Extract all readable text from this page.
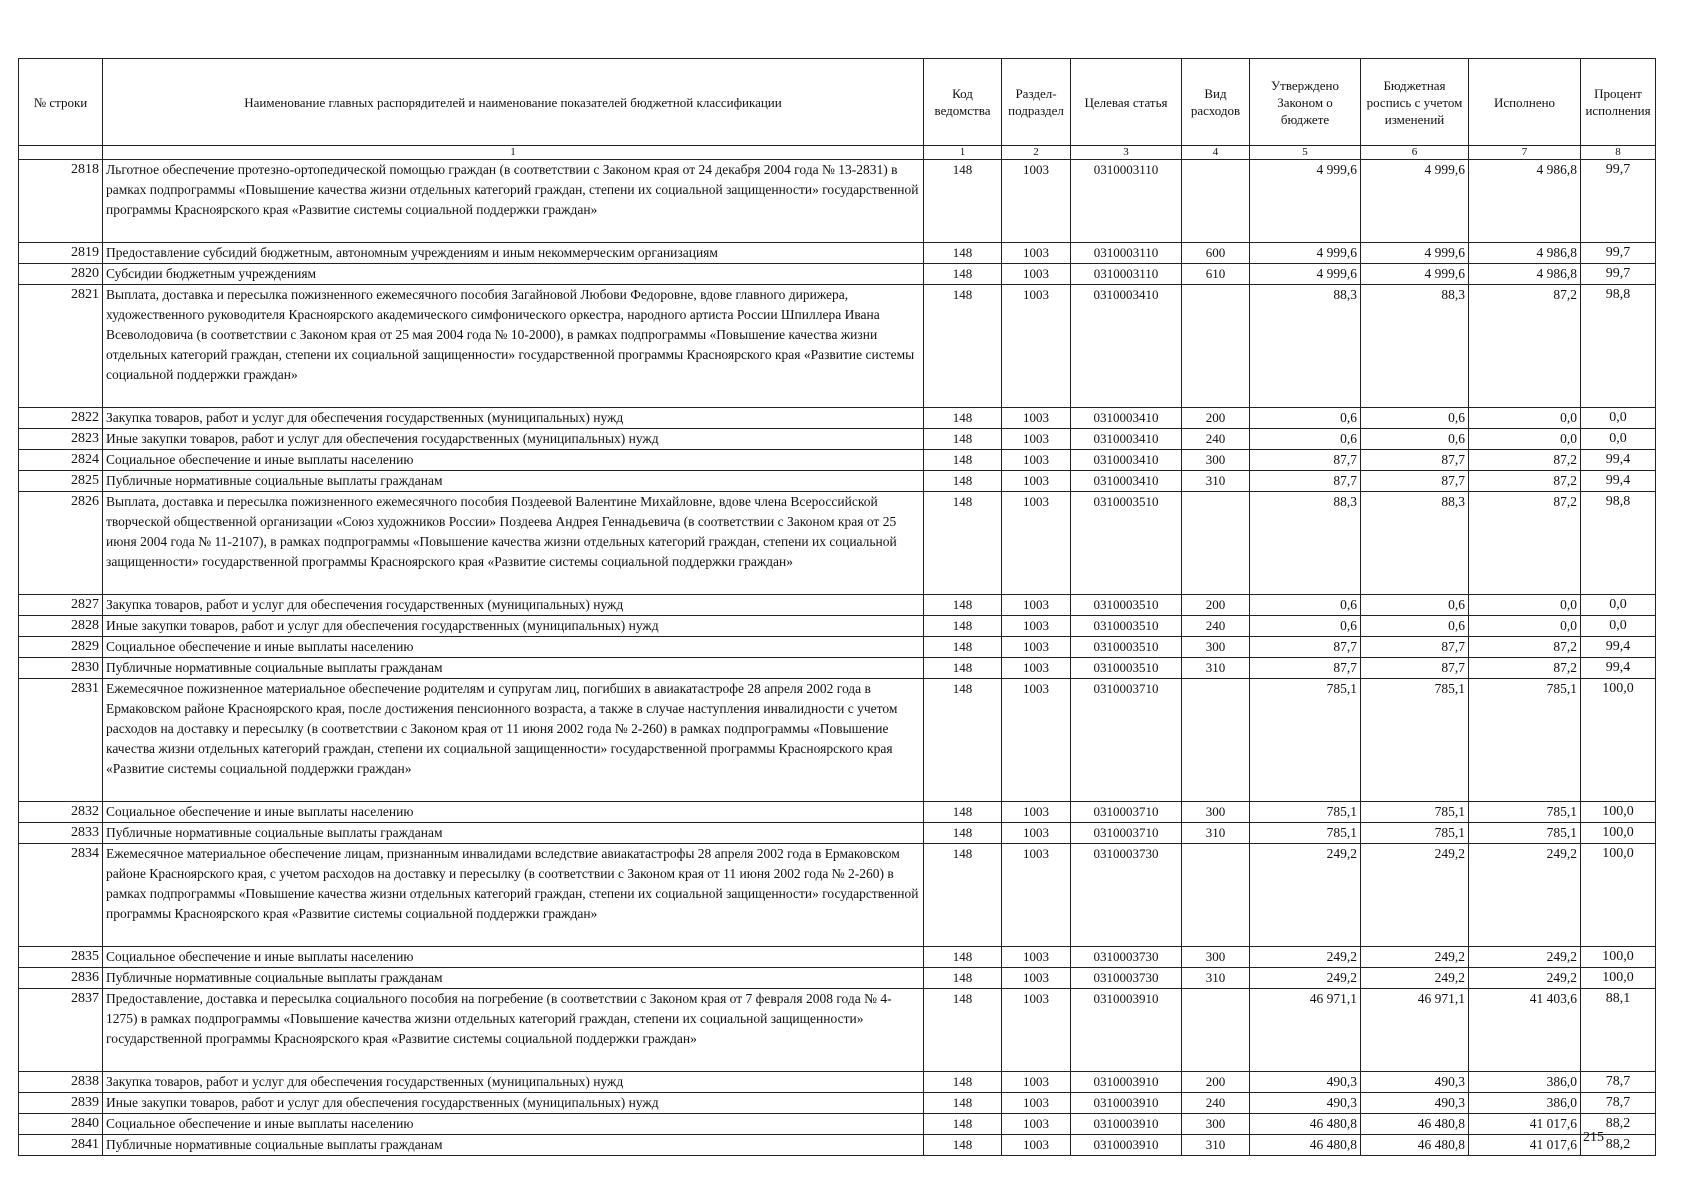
№ строки	Наименование главных распорядителей и наименование показателей бюджетной классификации	Код ведомства	Раздел-подраздел	Целевая статья	Вид расходов	Утверждено Законом о бюджете	Бюджетная роспись с учетом изменений	Исполнено	Процент исполнения
	1	1	2	3	4	5	6	7	8
2818	Льготное обеспечение протезно-ортопедической помощью граждан (в соответствии с Законом края от 24 декабря 2004 года № 13-2831) в рамках подпрограммы «Повышение качества жизни отдельных категорий граждан, степени их социальной защищенности» государственной программы Красноярского края «Развитие системы социальной поддержки граждан»	148	1003	0310003110		4 999,6	4 999,6	4 986,8	99,7
2819	Предоставление субсидий бюджетным, автономным учреждениям и иным некоммерческим организациям	148	1003	0310003110	600	4 999,6	4 999,6	4 986,8	99,7
2820	Субсидии бюджетным учреждениям	148	1003	0310003110	610	4 999,6	4 999,6	4 986,8	99,7
2821	Выплата, доставка и пересылка пожизненного ежемесячного пособия Загайновой Любови Федоровне, вдове главного дирижера, художественного руководителя Красноярского академического симфонического оркестра, народного артиста России Шпиллера Ивана Всеволодовича (в соответствии с Законом края от 25 мая 2004 года № 10-2000), в рамках подпрограммы «Повышение качества жизни отдельных категорий граждан, степени их социальной защищенности» государственной программы Красноярского края «Развитие системы социальной поддержки граждан»	148	1003	0310003410		88,3	88,3	87,2	98,8
2822	Закупка товаров, работ и услуг для обеспечения государственных (муниципальных) нужд	148	1003	0310003410	200	0,6	0,6	0,0	0,0
2823	Иные закупки товаров, работ и услуг для обеспечения государственных (муниципальных) нужд	148	1003	0310003410	240	0,6	0,6	0,0	0,0
2824	Социальное обеспечение и иные выплаты населению	148	1003	0310003410	300	87,7	87,7	87,2	99,4
2825	Публичные нормативные социальные выплаты гражданам	148	1003	0310003410	310	87,7	87,7	87,2	99,4
2826	Выплата, доставка и пересылка пожизненного ежемесячного пособия Поздеевой Валентине Михайловне, вдове члена Всероссийской творческой общественной организации «Союз художников России» Поздеева Андрея Геннадьевича (в соответствии с Законом края от 25 июня 2004 года № 11-2107), в рамках подпрограммы «Повышение качества жизни отдельных категорий граждан, степени их социальной защищенности» государственной программы Красноярского края «Развитие системы социальной поддержки граждан»	148	1003	0310003510		88,3	88,3	87,2	98,8
2827	Закупка товаров, работ и услуг для обеспечения государственных (муниципальных) нужд	148	1003	0310003510	200	0,6	0,6	0,0	0,0
2828	Иные закупки товаров, работ и услуг для обеспечения государственных (муниципальных) нужд	148	1003	0310003510	240	0,6	0,6	0,0	0,0
2829	Социальное обеспечение и иные выплаты населению	148	1003	0310003510	300	87,7	87,7	87,2	99,4
2830	Публичные нормативные социальные выплаты гражданам	148	1003	0310003510	310	87,7	87,7	87,2	99,4
2831	Ежемесячное пожизненное материальное обеспечение родителям и супругам лиц, погибших в авиакатастрофе 28 апреля 2002 года в Ермаковском районе Красноярского края, после достижения пенсионного возраста, а также в случае наступления инвалидности с учетом расходов на доставку и пересылку (в соответствии с Законом края от 11 июня 2002 года № 2-260) в рамках подпрограммы «Повышение качества жизни отдельных категорий граждан, степени их социальной защищенности» государственной программы Красноярского края «Развитие системы социальной поддержки граждан»	148	1003	0310003710		785,1	785,1	785,1	100,0
2832	Социальное обеспечение и иные выплаты населению	148	1003	0310003710	300	785,1	785,1	785,1	100,0
2833	Публичные нормативные социальные выплаты гражданам	148	1003	0310003710	310	785,1	785,1	785,1	100,0
2834	Ежемесячное материальное обеспечение лицам, признанным инвалидами вследствие авиакатастрофы 28 апреля 2002 года в Ермаковском районе Красноярского края, с учетом расходов на доставку и пересылку (в соответствии с Законом края от 11 июня 2002 года № 2-260) в рамках подпрограммы «Повышение качества жизни отдельных категорий граждан, степени их социальной защищенности» государственной программы Красноярского края «Развитие системы социальной поддержки граждан»	148	1003	0310003730		249,2	249,2	249,2	100,0
2835	Социальное обеспечение и иные выплаты населению	148	1003	0310003730	300	249,2	249,2	249,2	100,0
2836	Публичные нормативные социальные выплаты гражданам	148	1003	0310003730	310	249,2	249,2	249,2	100,0
2837	Предоставление, доставка и пересылка социального пособия на погребение (в соответствии с Законом края от 7 февраля 2008 года № 4-1275) в рамках подпрограммы «Повышение качества жизни отдельных категорий граждан, степени их социальной защищенности» государственной программы Красноярского края «Развитие системы социальной поддержки граждан»	148	1003	0310003910		46 971,1	46 971,1	41 403,6	88,1
2838	Закупка товаров, работ и услуг для обеспечения государственных (муниципальных) нужд	148	1003	0310003910	200	490,3	490,3	386,0	78,7
2839	Иные закупки товаров, работ и услуг для обеспечения государственных (муниципальных) нужд	148	1003	0310003910	240	490,3	490,3	386,0	78,7
2840	Социальное обеспечение и иные выплаты населению	148	1003	0310003910	300	46 480,8	46 480,8	41 017,6	88,2
2841	Публичные нормативные социальные выплаты гражданам	148	1003	0310003910	310	46 480,8	46 480,8	41 017,6	88,2
215
